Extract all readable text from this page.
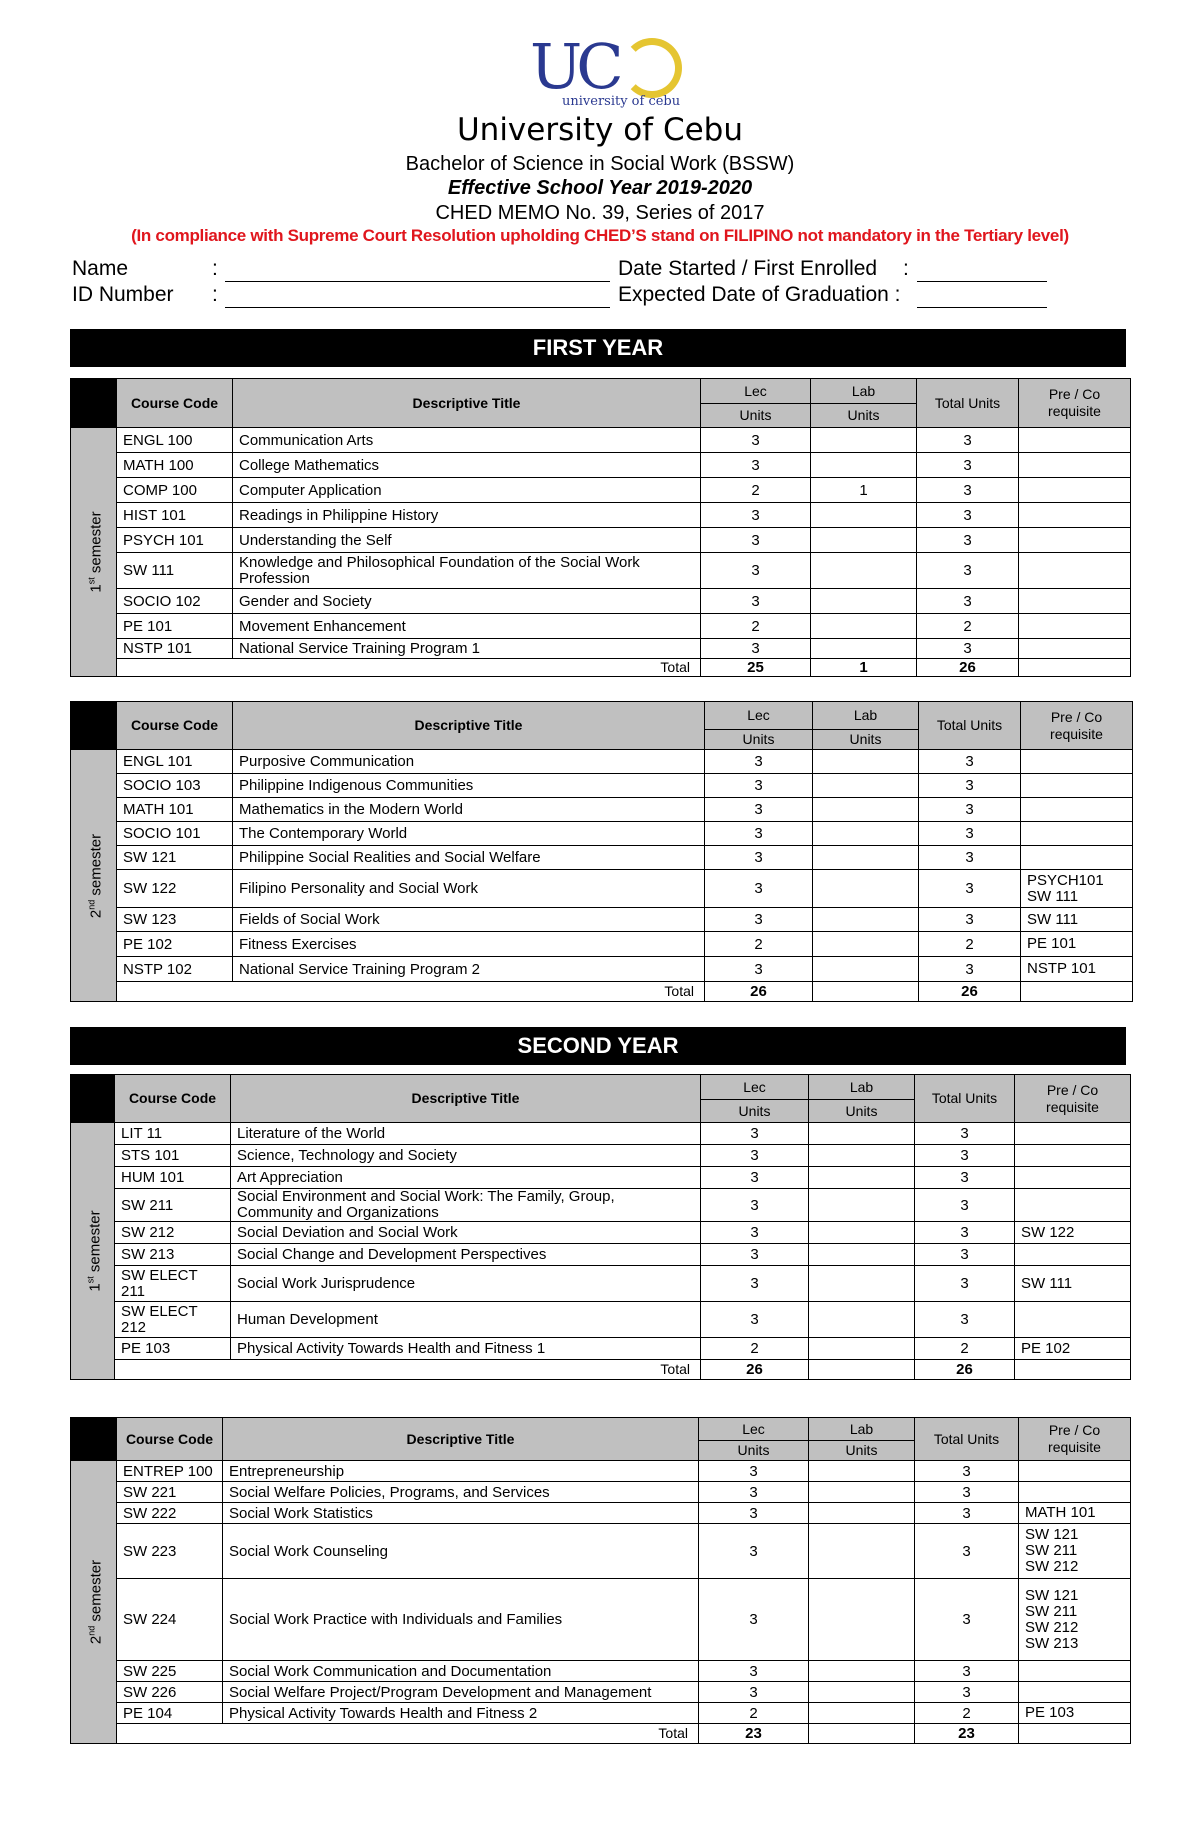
UC
university of cebu
University of Cebu
Bachelor of Science in Social Work (BSSW)
Effective School Year 2019-2020
CHED MEMO No. 39, Series of 2017
(In compliance with Supreme Court Resolution upholding CHED’S stand on FILIPINO not mandatory in the Tertiary level)
Name	:
ID Number :
Date Started / First Enrolled :
Expected Date of Graduation :
FIRST YEAR
SECOND YEAR
	Course Code	Descriptive Title	Lec	Lab	Total Units	Pre / Co requisite
			Units	Units		

1st semester	ENGL 100	Communication Arts	3		3	
	MATH 100	College Mathematics	3		3	
	COMP 100	Computer Application	2	1	3	
	HIST 101	Readings in Philippine History	3		3	
	PSYCH 101	Understanding the Self	3		3	
	SW 111	Knowledge and Philosophical Foundation of the Social Work Profession	3		3	
	SOCIO 102	Gender and Society	3		3	
	PE 101	Movement Enhancement	2		2	
	NSTP 101	National Service Training Program 1	3		3	
	Total		25	1	26	
	Course Code	Descriptive Title	Lec	Lab	Total Units	Pre / Co requisite
			Units	Units		

2nd semester	ENGL 101	Purposive Communication	3		3	
	SOCIO 103	Philippine Indigenous Communities	3		3	
	MATH 101	Mathematics in the Modern World	3		3	
	SOCIO 101	The Contemporary World	3		3	
	SW 121	Philippine Social Realities and Social Welfare	3		3	
	SW 122	Filipino Personality and Social Work	3		3	PSYCH101
SW 111

	SW 123	Fields of Social Work	3		3	SW 111

	PE 102	Fitness Exercises	2		2	PE 101

	NSTP 102	National Service Training Program 2	3		3	NSTP 101

	Total		26		26	
	Course Code	Descriptive Title	Lec	Lab	Total Units	Pre / Co requisite
			Units	Units		

1st semester	LIT 11	Literature of the World	3		3	
	STS 101	Science, Technology and Society	3		3	
	HUM 101	Art Appreciation	3		3	
	SW 211	Social Environment and Social Work: The Family, Group, Community and Organizations	3		3	
	SW 212	Social Deviation and Social Work	3		3	SW 122

	SW 213	Social Change and Development Perspectives	3		3	
	SW ELECT 211	Social Work Jurisprudence	3		3	SW 111

	SW ELECT 212	Human Development	3		3	
	PE 103	Physical Activity Towards Health and Fitness 1	2		2	PE 102

	Total		26		26	
	Course Code	Descriptive Title	Lec	Lab	Total Units	Pre / Co requisite
			Units	Units		

2nd semester	ENTREP 100	Entrepreneurship	3		3	
	SW 221	Social Welfare Policies, Programs, and Services	3		3	
	SW 222	Social Work Statistics	3		3	MATH 101

	SW 223	Social Work Counseling	3		3	SW 121
SW 211
SW 212

	SW 224	Social Work Practice with Individuals and Families	3		3	SW 121
SW 211
SW 212
SW 213

	SW 225	Social Work Communication and Documentation	3		3	
	SW 226	Social Welfare Project/Program Development and Management	3		3	
	PE 104	Physical Activity Towards Health and Fitness 2	2		2	PE 103

	Total		23		23	
